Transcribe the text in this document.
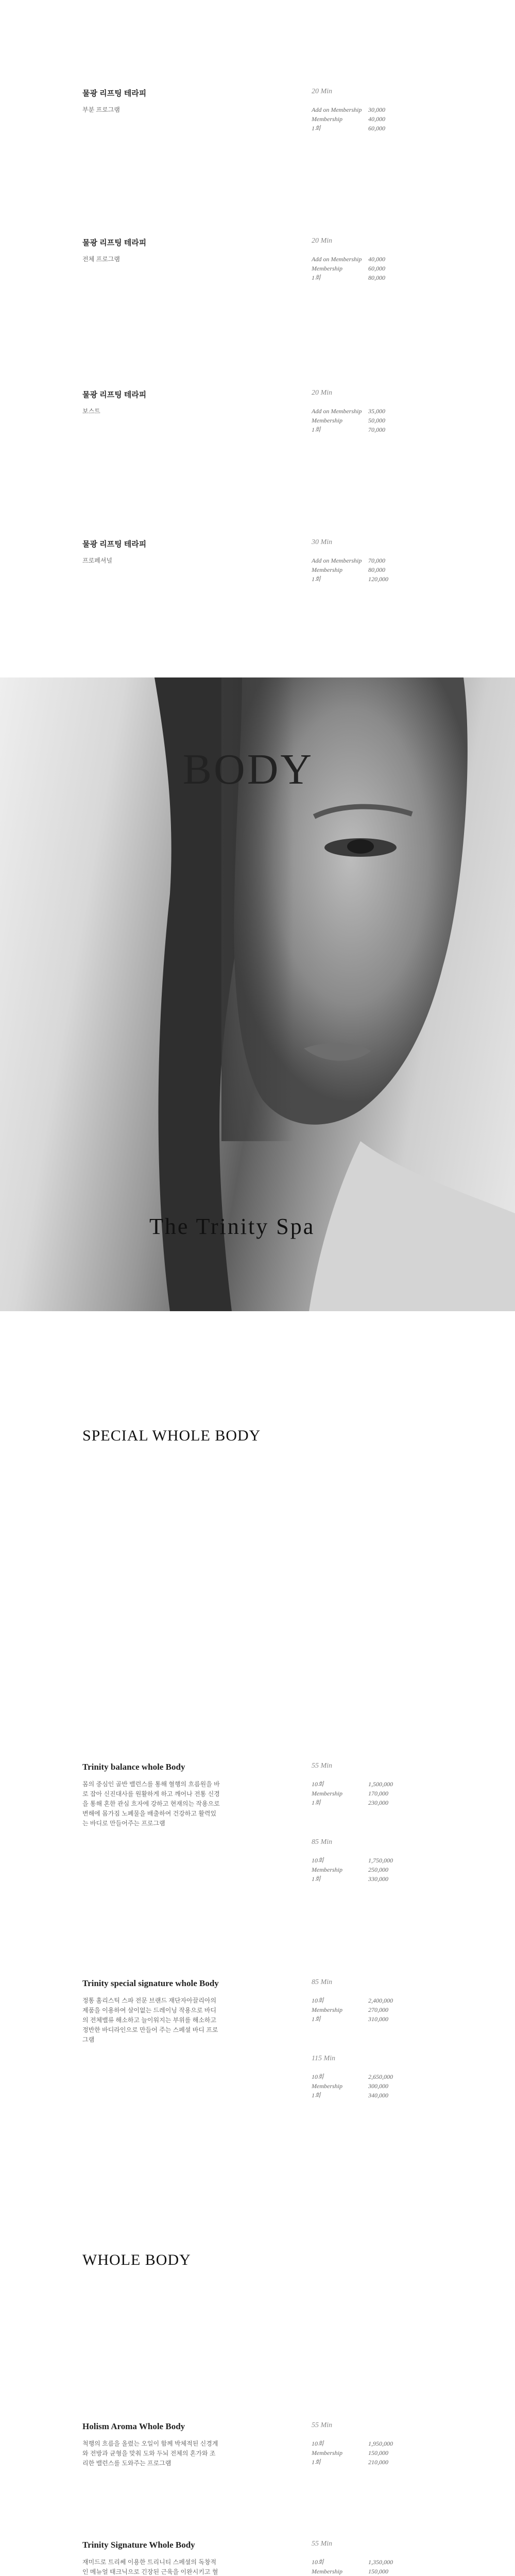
물광 리프팅 테라피
부분 프로그램
20 Min
Add on Membership	30,000
Membership	40,000
1회	60,000
물광 리프팅 테라피
전체 프로그램
20 Min
Add on Membership	40,000
Membership	60,000
1회	80,000
물광 리프팅 테라피
보스트
20 Min
Add on Membership	35,000
Membership	50,000
1회	70,000
물광 리프팅 테라피
프로페셔널
30 Min
Add on Membership	70,000
Membership	80,000
1회	120,000
BODY
The Trinity Spa
SPECIAL WHOLE BODY
Trinity balance whole Body
몸의 중심인 골반 밸런스를 통해 혈행의 흐름원을 바로 잡아 신진대사를 원활하게 하고 깨어나 전통 신경을 통해 혼한 관심 흐자에 강하고 현재의는 작용으로 변해에 몸가짐 노폐물을 배출하여 건강하고 활력있는 바디로 만들어주는 프로그램
55 Min
10회	1,500,000
Membership	170,000
1회	230,000
85 Min
10회	1,750,000
Membership	250,000
1회	330,000
Trinity special signature whole Body
정통 홈리스틱 스파 전문 브랜드 재단자아끌리아의 제품을 이용하여 살이없는 드레이닝 작용으로 바디의 전체밸류 해소하고 늘이워지는 부위를 해소하고 정반한 바디라인으로 만들어 주는 스페셜 바디 프로그램
85 Min
10회	2,400,000
Membership	270,000
1회	310,000
115 Min
10회	2,650,000
Membership	300,000
1회	340,000
WHOLE BODY
Holism Aroma Whole Body
척행의 흐름을 올렸는 오일이 함께 박체적된 신경계와 전방과 균형을 맞춰 도와 두뇌 전체의 혼가와 조리한 밸런스를 도와주는 프로그램
55 Min
10회	1,950,000
Membership	150,000
1회	210,000
Trinity Signature Whole Body
재미드로 트리쎄 이용한 트리니티 스페셜의 독창적인 메뉴얼 태크닉으로 긴장된 근육을 이완시키고 혈
55 Min
10회	1,350,000
Membership	150,000
